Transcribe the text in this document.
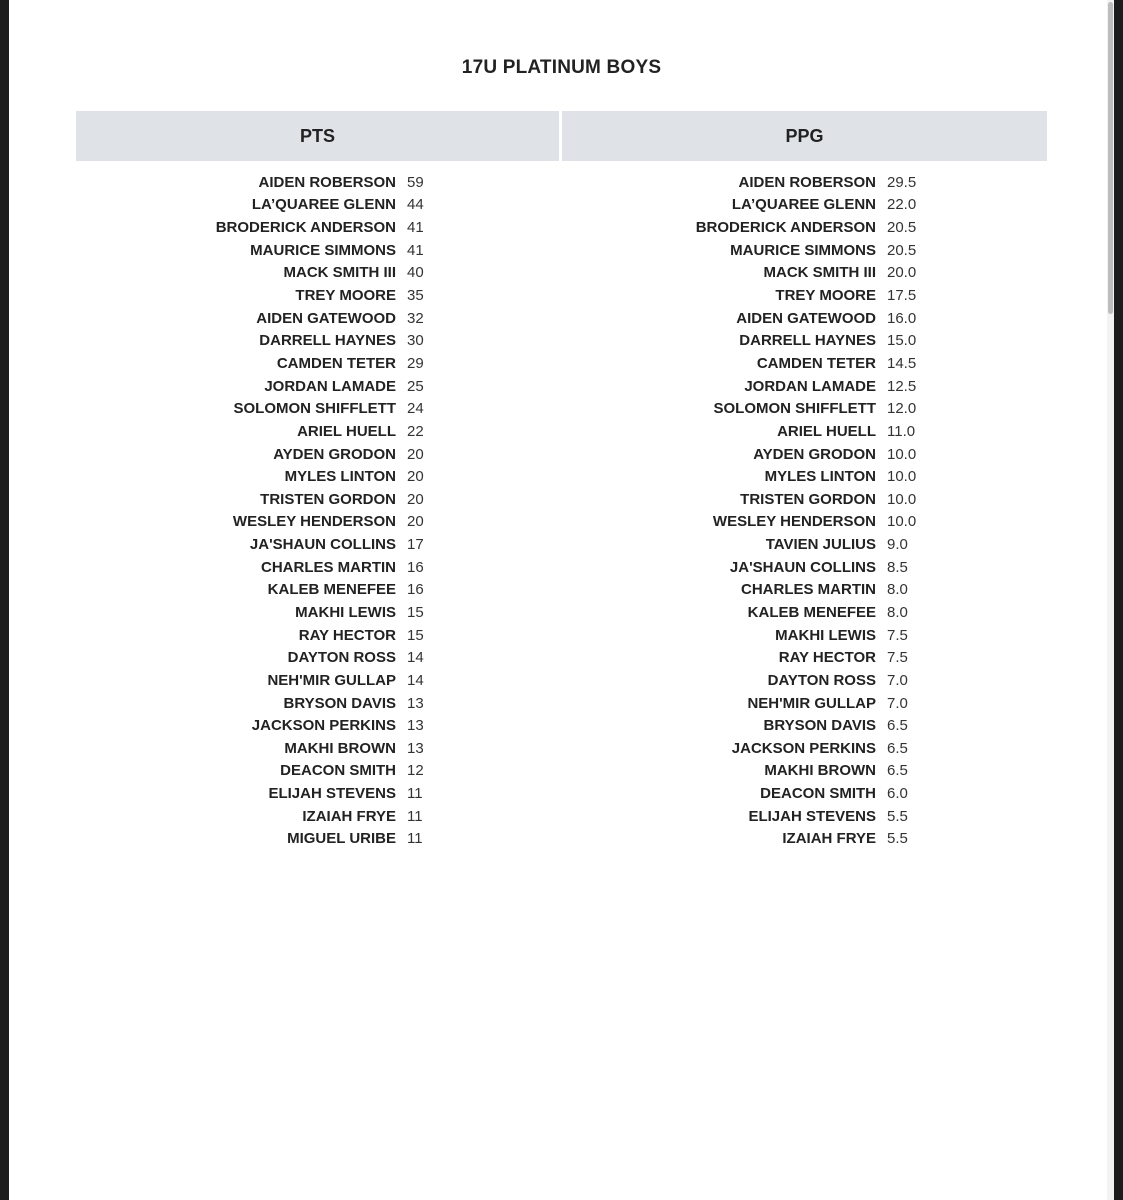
17U PLATINUM BOYS
PTS	PPG
AIDEN ROBERSON 59
LA’QUAREE GLENN 44
BRODERICK ANDERSON 41
MAURICE SIMMONS 41
MACK SMITH III 40
TREY MOORE 35
AIDEN GATEWOOD 32
DARRELL HAYNES 30
CAMDEN TETER 29
JORDAN LAMADE 25
SOLOMON SHIFFLETT 24
ARIEL HUELL 22
AYDEN GRODON 20
MYLES LINTON 20
TRISTEN GORDON 20
WESLEY HENDERSON 20
JA'SHAUN COLLINS 17
CHARLES MARTIN 16
KALEB MENEFEE 16
MAKHI LEWIS 15
RAY HECTOR 15
DAYTON ROSS 14
NEH'MIR GULLAP 14
BRYSON DAVIS 13
JACKSON PERKINS 13
MAKHI BROWN 13
DEACON SMITH 12
ELIJAH STEVENS 11
IZAIAH FRYE 11
MIGUEL URIBE 11
AIDEN ROBERSON 29.5
LA’QUAREE GLENN 22.0
BRODERICK ANDERSON 20.5
MAURICE SIMMONS 20.5
MACK SMITH III 20.0
TREY MOORE 17.5
AIDEN GATEWOOD 16.0
DARRELL HAYNES 15.0
CAMDEN TETER 14.5
JORDAN LAMADE 12.5
SOLOMON SHIFFLETT 12.0
ARIEL HUELL 11.0
AYDEN GRODON 10.0
MYLES LINTON 10.0
TRISTEN GORDON 10.0
WESLEY HENDERSON 10.0
TAVIEN JULIUS 9.0
JA'SHAUN COLLINS 8.5
CHARLES MARTIN 8.0
KALEB MENEFEE 8.0
MAKHI LEWIS 7.5
RAY HECTOR 7.5
DAYTON ROSS 7.0
NEH'MIR GULLAP 7.0
BRYSON DAVIS 6.5
JACKSON PERKINS 6.5
MAKHI BROWN 6.5
DEACON SMITH 6.0
ELIJAH STEVENS 5.5
IZAIAH FRYE 5.5
